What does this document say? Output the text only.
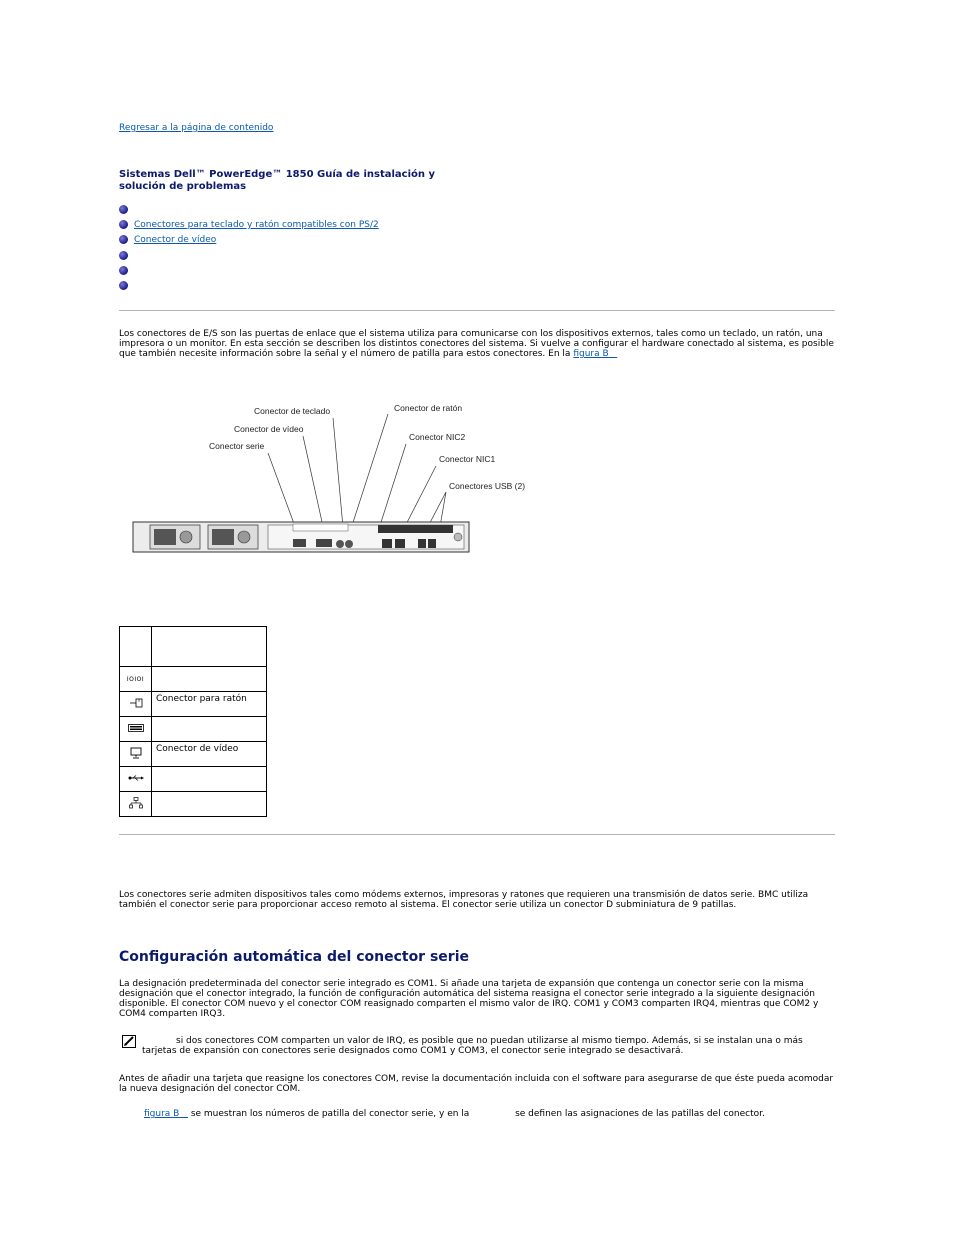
Regresar a la página de contenido
Sistemas Dell™ PowerEdge™ 1850 Guía de instalación y
solución de problemas
Conectores para teclado y ratón compatibles con PS/2
Conector de vídeo
Los conectores de E/S son las puertas de enlace que el sistema utiliza para comunicarse con los dispositivos externos, tales como un teclado, un ratón, una impresora o un monitor. En esta sección se describen los distintos conectores del sistema. Si vuelve a configurar el hardware conectado al sistema, es posible que también necesite información sobre la señal y el número de patilla para estos conectores. En la figura B
Conector de teclado	Conector de ratón
Conector de vídeo
Conector serie
Conector NIC2
Conector NIC1
Conectores USB (2)

IOIOI	
	Conector para ratón

	Conector de vídeo

Los conectores serie admiten dispositivos tales como módems externos, impresoras y ratones que requieren una transmisión de datos serie. BMC utiliza también el conector serie para proporcionar acceso remoto al sistema. El conector serie utiliza un conector D subminiatura de 9 patillas.
Configuración automática del conector serie
La designación predeterminada del conector serie integrado es COM1. Si añade una tarjeta de expansión que contenga un conector serie con la misma designación que el conector integrado, la función de configuración automática del sistema reasigna el conector serie integrado a la siguiente designación disponible. El conector COM nuevo y el conector COM reasignado comparten el mismo valor de IRQ. COM1 y COM3 comparten IRQ4, mientras que COM2 y COM4 comparten IRQ3.
si dos conectores COM comparten un valor de IRQ, es posible que no puedan utilizarse al mismo tiempo. Además, si se instalan una o más
tarjetas de expansión con conectores serie designados como COM1 y COM3, el conector serie integrado se desactivará.
Antes de añadir una tarjeta que reasigne los conectores COM, revise la documentación incluida con el software para asegurarse de que éste pueda acomodar la nueva designación del conector COM.
figura B se muestran los números de patilla del conector serie, y en la	se definen las asignaciones de las patillas del conector.
